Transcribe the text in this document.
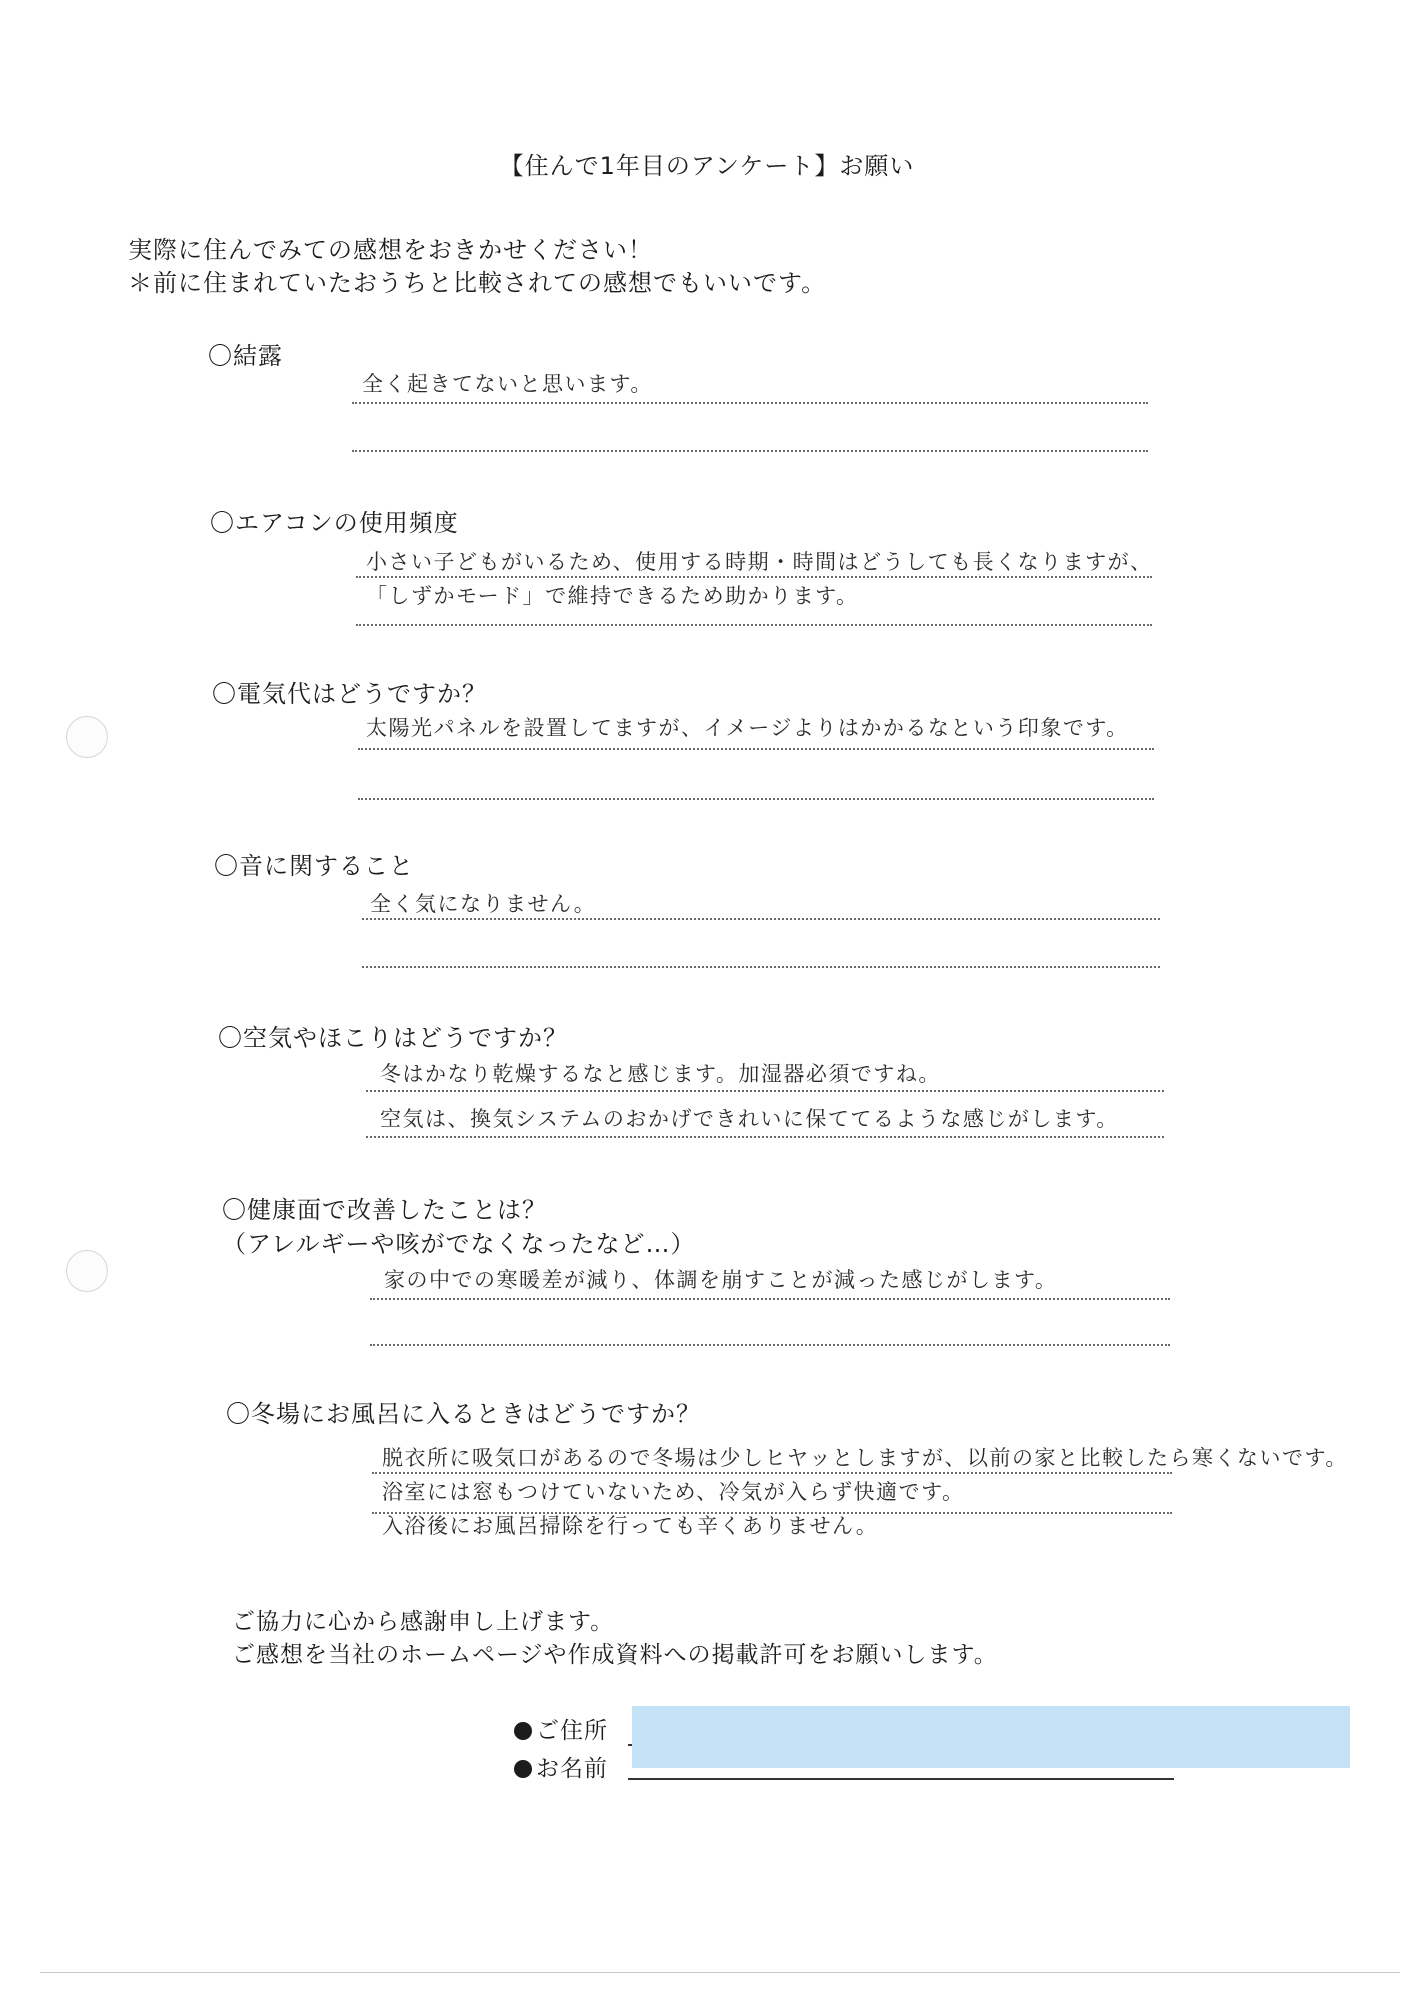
【住んで1年目のアンケート】お願い
実際に住んでみての感想をおきかせください！
＊前に住まれていたおうちと比較されての感想でもいいです。
〇結露
全く起きてないと思います。
〇エアコンの使用頻度
小さい子どもがいるため、使用する時期・時間はどうしても長くなりますが、
「しずかモード」で維持できるため助かります。
〇電気代はどうですか？
太陽光パネルを設置してますが、イメージよりはかかるなという印象です。
〇音に関すること
全く気になりません。
〇空気やほこりはどうですか？
冬はかなり乾燥するなと感じます。加湿器必須ですね。
空気は、換気システムのおかげできれいに保ててるような感じがします。
〇健康面で改善したことは？
（アレルギーや咳がでなくなったなど…）
家の中での寒暖差が減り、体調を崩すことが減った感じがします。
〇冬場にお風呂に入るときはどうですか？
脱衣所に吸気口があるので冬場は少しヒヤッとしますが、以前の家と比較したら寒くないです。
浴室には窓もつけていないため、冷気が入らず快適です。
入浴後にお風呂掃除を行っても辛くありません。
ご協力に心から感謝申し上げます。
ご感想を当社のホームページや作成資料への掲載許可をお願いします。
ご住所
お名前
